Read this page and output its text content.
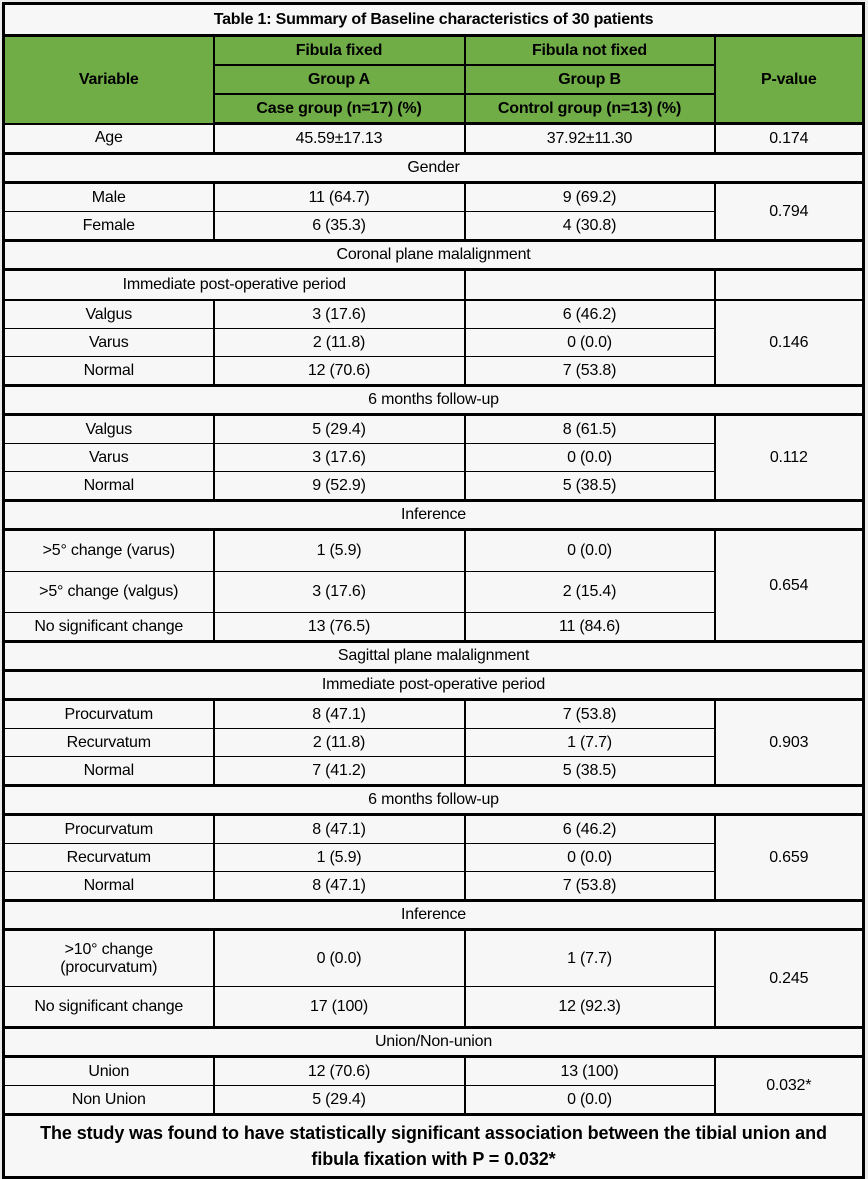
Table 1: Summary of Baseline characteristics of 30 patients			
Variable	Fibula fixed	Fibula not fixed	P-value
	Group A	Group B	
	Case group (n=17) (%)	Control group (n=13) (%)	
Age	45.59±17.13	37.92±11.30	0.174
Gender			
Male	11 (64.7)	9 (69.2)	0.794
Female	6 (35.3)	4 (30.8)	
Coronal plane malalignment			
Immediate post-operative period			
Valgus	3 (17.6)	6 (46.2)	0.146
Varus	2 (11.8)	0 (0.0)	
Normal	12 (70.6)	7 (53.8)	
6 months follow-up			
Valgus	5 (29.4)	8 (61.5)	0.112
Varus	3 (17.6)	0 (0.0)	
Normal	9 (52.9)	5 (38.5)	
Inference			
>5° change (varus)	1 (5.9)	0 (0.0)	0.654
>5° change (valgus)	3 (17.6)	2 (15.4)	
No significant change	13 (76.5)	11 (84.6)	
Sagittal plane malalignment			
Immediate post-operative period			
Procurvatum	8 (47.1)	7 (53.8)	0.903
Recurvatum	2 (11.8)	1 (7.7)	
Normal	7 (41.2)	5 (38.5)	
6 months follow-up			
Procurvatum	8 (47.1)	6 (46.2)	0.659
Recurvatum	1 (5.9)	0 (0.0)	
Normal	8 (47.1)	7 (53.8)	
Inference			
>10° change (procurvatum)	0 (0.0)	1 (7.7)	0.245
No significant change	17 (100)	12 (92.3)	
Union/Non-union			
Union	12 (70.6)	13 (100)	0.032*
Non Union	5 (29.4)	0 (0.0)	
The study was found to have statistically significant association between the tibial union and fibula fixation with P = 0.032*			
